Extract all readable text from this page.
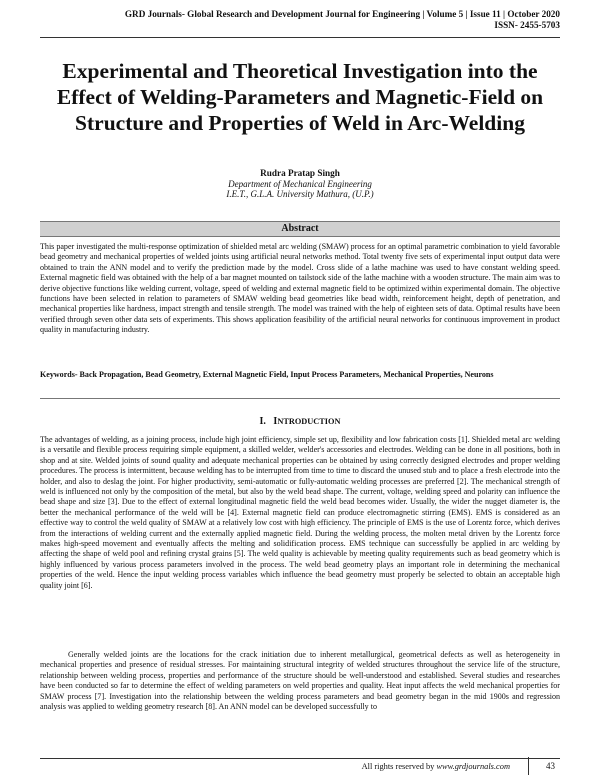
GRD Journals- Global Research and Development Journal for Engineering | Volume 5 | Issue 11 | October 2020
ISSN- 2455-5703
Experimental and Theoretical Investigation into the Effect of Welding-Parameters and Magnetic-Field on Structure and Properties of Weld in Arc-Welding
Rudra Pratap Singh
Department of Mechanical Engineering
I.E.T., G.L.A. University Mathura, (U.P.)
Abstract
This paper investigated the multi-response optimization of shielded metal arc welding (SMAW) process for an optimal parametric combination to yield favorable bead geometry and mechanical properties of welded joints using artificial neural networks method. Total twenty five sets of experimental input output data were obtained to train the ANN model and to verify the prediction made by the model. Cross slide of a lathe machine was used to have constant welding speed. External magnetic field was obtained with the help of a bar magnet mounted on tailstock side of the lathe machine with a wooden structure. The main aim was to derive objective functions like welding current, voltage, speed of welding and external magnetic field to be optimized within experimental domain. The objective functions have been selected in relation to parameters of SMAW welding bead geometries like bead width, reinforcement height, depth of penetration, and mechanical properties like hardness, impact strength and tensile strength. The model was trained with the help of eighteen sets of data. Optimal results have been verified through seven other data sets of experiments. This shows application feasibility of the artificial neural networks for continuous improvement in product quality in manufacturing industry.
Keywords- Back Propagation, Bead Geometry, External Magnetic Field, Input Process Parameters, Mechanical Properties, Neurons
I. INTRODUCTION
The advantages of welding, as a joining process, include high joint efficiency, simple set up, flexibility and low fabrication costs [1]. Shielded metal arc welding is a versatile and flexible process requiring simple equipment, a skilled welder, welder's accessories and electrodes. Welding can be done in all positions, both in shop and at site. Welded joints of sound quality and adequate mechanical properties can be obtained by using correctly designed electrodes and proper welding procedures. The process is intermittent, because welding has to be interrupted from time to time to discard the unused stub and to place a fresh electrode into the holder, and also to deslag the joint. For higher productivity, semi-automatic or fully-automatic welding processes are preferred [2]. The mechanical strength of weld is influenced not only by the composition of the metal, but also by the weld bead shape. The current, voltage, welding speed and polarity can influence the bead shape and size [3]. Due to the effect of external longitudinal magnetic field the weld bead becomes wider. Usually, the wider the nugget diameter is, the better the mechanical performance of the weld will be [4]. External magnetic field can produce electromagnetic stirring (EMS). EMS is considered as an effective way to control the weld quality of SMAW at a relatively low cost with high efficiency. The principle of EMS is the use of Lorentz force, which derives from the interactions of welding current and the externally applied magnetic field. During the welding process, the molten metal driven by the Lorentz force makes high-speed movement and eventually affects the melting and solidification process. EMS technique can successfully be applied in arc welding by affecting the shape of weld pool and refining crystal grains [5]. The weld quality is achievable by meeting quality requirements such as bead geometry which is highly influenced by various process parameters involved in the process. The weld bead geometry plays an important role in determining the mechanical properties of the weld. Hence the input welding process variables which influence the bead geometry must properly be selected to obtain an acceptable high quality joint [6].
Generally welded joints are the locations for the crack initiation due to inherent metallurgical, geometrical defects as well as heterogeneity in mechanical properties and presence of residual stresses. For maintaining structural integrity of welded structures throughout the service life of the structure, relationship between welding process, properties and performance of the structure should be well-understood and established. Several studies and researches have been conducted so far to determine the effect of welding parameters on weld properties and quality. Heat input affects the weld mechanical properties for SMAW process [7]. Investigation into the relationship between the welding process parameters and bead geometry began in the mid 1900s and regression analysis was applied to welding geometry research [8]. An ANN model can be developed successfully to
All rights reserved by www.grdjournals.com	43
